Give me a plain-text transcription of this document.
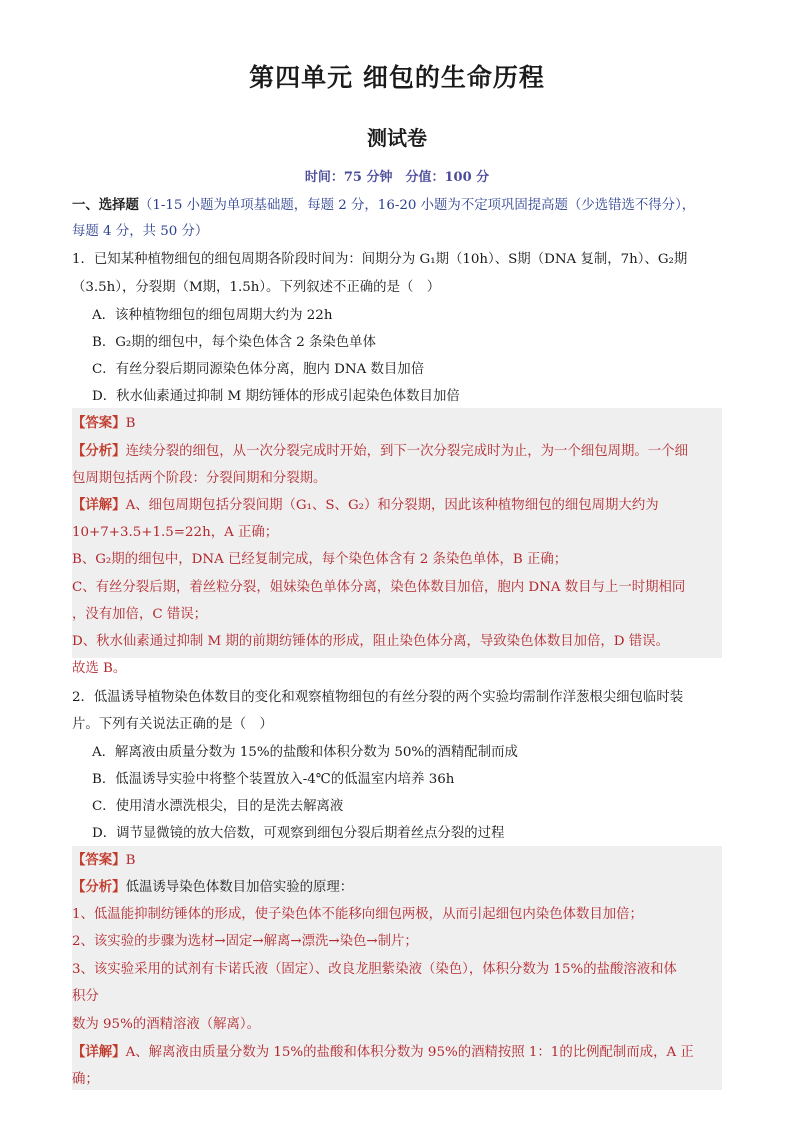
第四单元 细包的生命历程
测试卷
时间：75 分钟　分值：100 分
一、选择题（1-15 小题为单项基础题，每题 2 分，16-20 小题为不定项巩固提高题（少选错选不得分），
每题 4 分，共 50 分）
1．已知某种植物细包的细包周期各阶段时间为：间期分为 G₁期（10h）、S期（DNA 复制，7h）、G₂期
（3.5h），分裂期（M期，1.5h）。下列叙述不正确的是（　）
A．该种植物细包的细包周期大约为 22h
B．G₂期的细包中，每个染色体含 2 条染色单体
C．有丝分裂后期同源染色体分离，胞内 DNA 数目加倍
D．秋水仙素通过抑制 M 期纺锤体的形成引起染色体数目加倍
【答案】B
【分析】连续分裂的细包，从一次分裂完成时开始，到下一次分裂完成时为止，为一个细包周期。一个细
包周期包括两个阶段：分裂间期和分裂期。
【详解】A、细包周期包括分裂间期（G₁、S、G₂）和分裂期，因此该种植物细包的细包周期大约为
10+7+3.5+1.5=22h，A 正确；
B、G₂期的细包中，DNA 已经复制完成，每个染色体含有 2 条染色单体，B 正确；
C、有丝分裂后期，着丝粒分裂，姐妹染色单体分离，染色体数目加倍，胞内 DNA 数目与上一时期相同
，没有加倍，C 错误；
D、秋水仙素通过抑制 M 期的前期纺锤体的形成，阻止染色体分离，导致染色体数目加倍，D 错误。
故选 B。
2．低温诱导植物染色体数目的变化和观察植物细包的有丝分裂的两个实验均需制作洋葱根尖细包临时装
片。下列有关说法正确的是（　）
A．解离液由质量分数为 15%的盐酸和体积分数为 50%的酒精配制而成
B．低温诱导实验中将整个装置放入-4℃的低温室内培养 36h
C．使用清水漂洗根尖，目的是洗去解离液
D．调节显微镜的放大倍数，可观察到细包分裂后期着丝点分裂的过程
【答案】B
【分析】低温诱导染色体数目加倍实验的原理：
1、低温能抑制纺锤体的形成，使子染色体不能移向细包两极，从而引起细包内染色体数目加倍；
2、该实验的步骤为选材→固定→解离→漂洗→染色→制片；
3、该实验采用的试剂有卡诺氏液（固定）、改良龙胆紫染液（染色），体积分数为 15%的盐酸溶液和体
积分
数为 95%的酒精溶液（解离）。
【详解】A、解离液由质量分数为 15%的盐酸和体积分数为 95%的酒精按照 1：1的比例配制而成，A 正
确；
